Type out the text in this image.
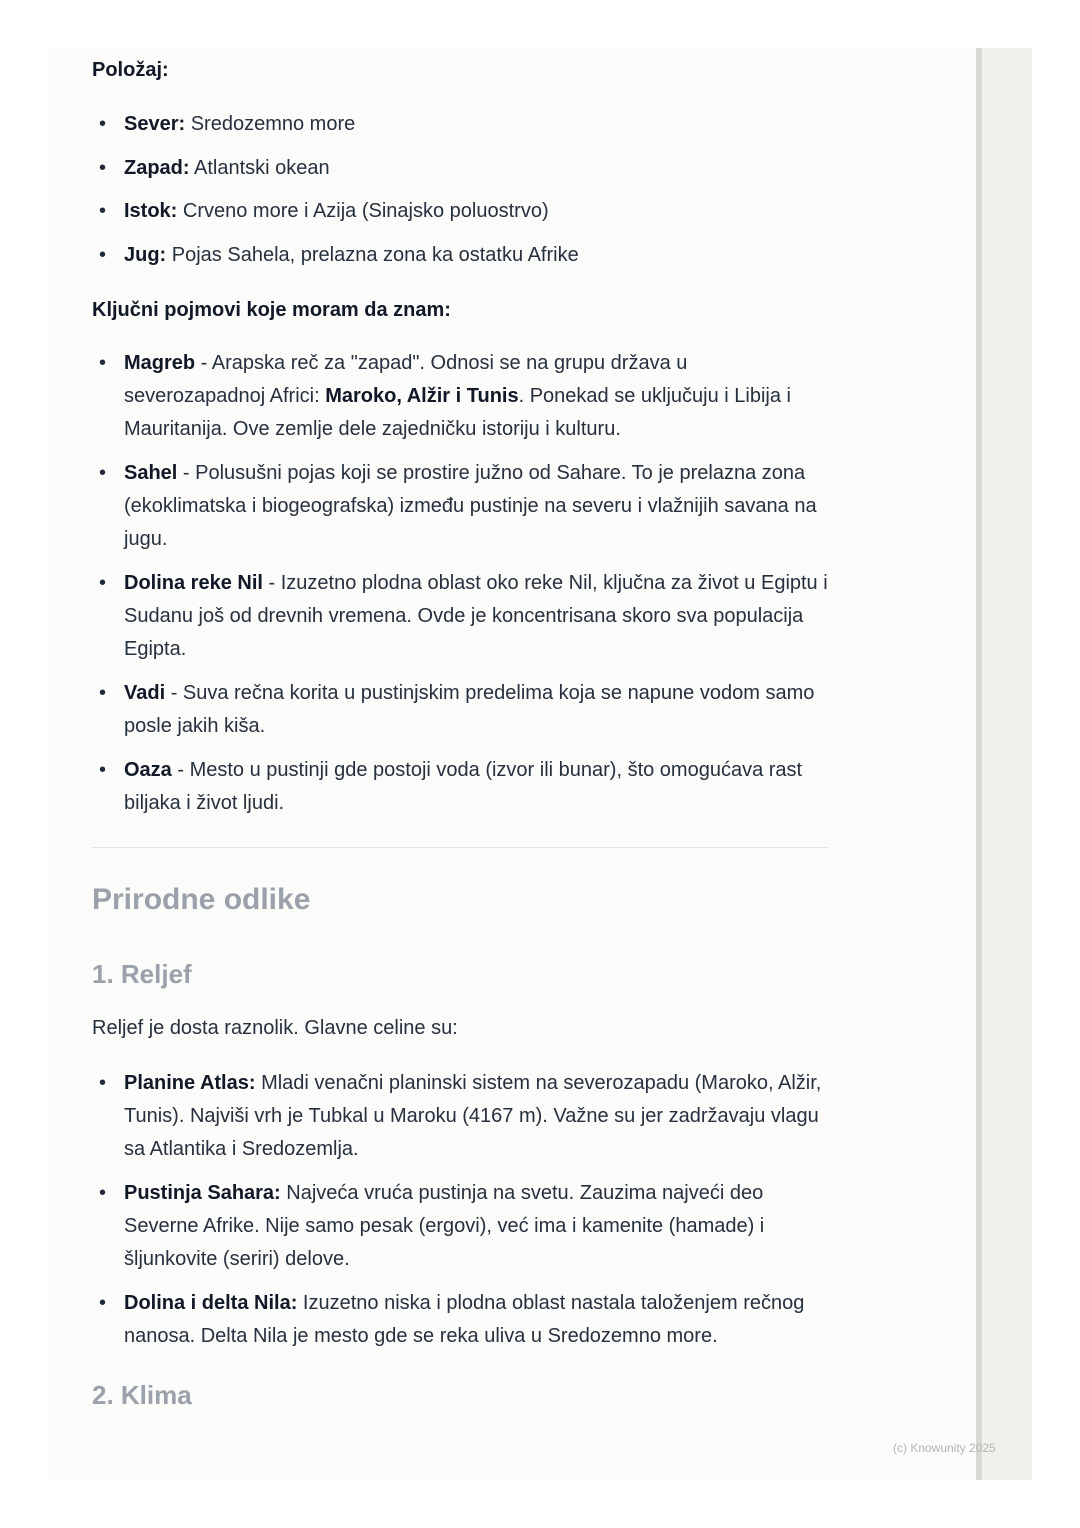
Položaj:

• Sever: Sredozemno more
• Zapad: Atlantski okean
• Istok: Crveno more i Azija (Sinajsko poluostrvo)
• Jug: Pojas Sahela, prelazna zona ka ostatku Afrike

Ključni pojmovi koje moram da znam:

• Magreb - Arapska reč za "zapad". Odnosi se na grupu država u severozapadnoj Africi: Maroko, Alžir i Tunis. Ponekad se uključuju i Libija i Mauritanija. Ove zemlje dele zajedničku istoriju i kulturu.
• Sahel - Polusušni pojas koji se prostire južno od Sahare. To je prelazna zona (ekoklimatska i biogeografska) između pustinje na severu i vlažnijih savana na jugu.
• Dolina reke Nil - Izuzetno plodna oblast oko reke Nil, ključna za život u Egiptu i Sudanu još od drevnih vremena. Ovde je koncentrisana skoro sva populacija Egipta.
• Vadi - Suva rečna korita u pustinjskim predelima koja se napune vodom samo posle jakih kiša.
• Oaza - Mesto u pustinji gde postoji voda (izvor ili bunar), što omogućava rast biljaka i život ljudi.
Prirodne odlike
1. Reljef

Reljef je dosta raznolik. Glavne celine su:

• Planine Atlas: Mladi venačni planinski sistem na severozapadu (Maroko, Alžir, Tunis). Najviši vrh je Tubkal u Maroku (4167 m). Važne su jer zadržavaju vlagu sa Atlantika i Sredozemlja.
• Pustinja Sahara: Najveća vruća pustinja na svetu. Zauzima najveći deo Severne Afrike. Nije samo pesak (ergovi), već ima i kamenite (hamade) i šljunkovite (seriri) delove.
• Dolina i delta Nila: Izuzetno niska i plodna oblast nastala taloženjem rečnog nanosa. Delta Nila je mesto gde se reka uliva u Sredozemno more.
2. Klima
(c) Knowunity 2025
